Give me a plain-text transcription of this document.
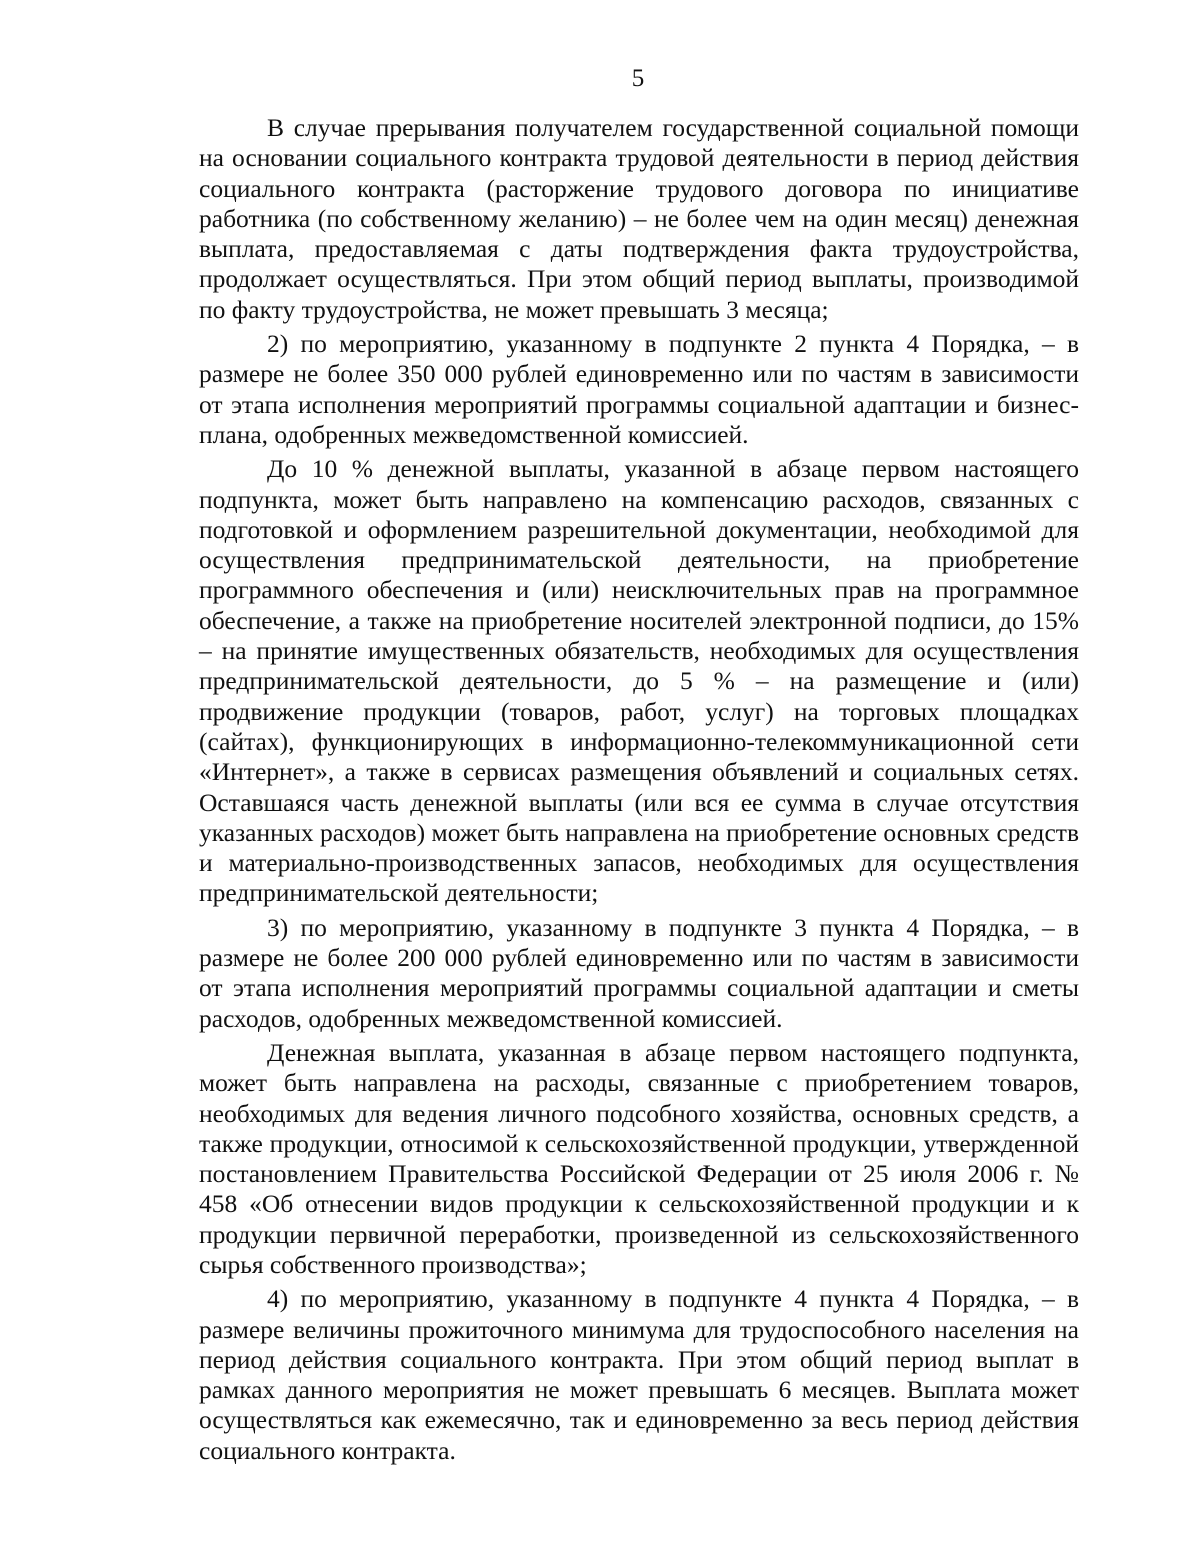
5

В случае прерывания получателем государственной социальной помощи на основании социального контракта трудовой деятельности в период действия социального контракта (расторжение трудового договора по инициативе работника (по собственному желанию) – не более чем на один месяц) денежная выплата, предоставляемая с даты подтверждения факта трудоустройства, продолжает осуществляться. При этом общий период выплаты, производимой по факту трудоустройства, не может превышать 3 месяца;

2) по мероприятию, указанному в подпункте 2 пункта 4 Порядка, – в размере не более 350 000 рублей единовременно или по частям в зависимости от этапа исполнения мероприятий программы социальной адаптации и бизнес-плана, одобренных межведомственной комиссией.

До 10 % денежной выплаты, указанной в абзаце первом настоящего подпункта, может быть направлено на компенсацию расходов, связанных с подготовкой и оформлением разрешительной документации, необходимой для осуществления предпринимательской деятельности, на приобретение программного обеспечения и (или) неисключительных прав на программное обеспечение, а также на приобретение носителей электронной подписи, до 15% – на принятие имущественных обязательств, необходимых для осуществления предпринимательской деятельности, до 5 % – на размещение и (или) продвижение продукции (товаров, работ, услуг) на торговых площадках (сайтах), функционирующих в информационно-телекоммуникационной сети «Интернет», а также в сервисах размещения объявлений и социальных сетях. Оставшаяся часть денежной выплаты (или вся ее сумма в случае отсутствия указанных расходов) может быть направлена на приобретение основных средств и материально-производственных запасов, необходимых для осуществления предпринимательской деятельности;

3) по мероприятию, указанному в подпункте 3 пункта 4 Порядка, – в размере не более 200 000 рублей единовременно или по частям в зависимости от этапа исполнения мероприятий программы социальной адаптации и сметы расходов, одобренных межведомственной комиссией.

Денежная выплата, указанная в абзаце первом настоящего подпункта, может быть направлена на расходы, связанные с приобретением товаров, необходимых для ведения личного подсобного хозяйства, основных средств, а также продукции, относимой к сельскохозяйственной продукции, утвержденной постановлением Правительства Российской Федерации от 25 июля 2006 г. № 458 «Об отнесении видов продукции к сельскохозяйственной продукции и к продукции первичной переработки, произведенной из сельскохозяйственного сырья собственного производства»;

4) по мероприятию, указанному в подпункте 4 пункта 4 Порядка, – в размере величины прожиточного минимума для трудоспособного населения на период действия социального контракта. При этом общий период выплат в рамках данного мероприятия не может превышать 6 месяцев. Выплата может осуществляться как ежемесячно, так и единовременно за весь период действия социального контракта.
